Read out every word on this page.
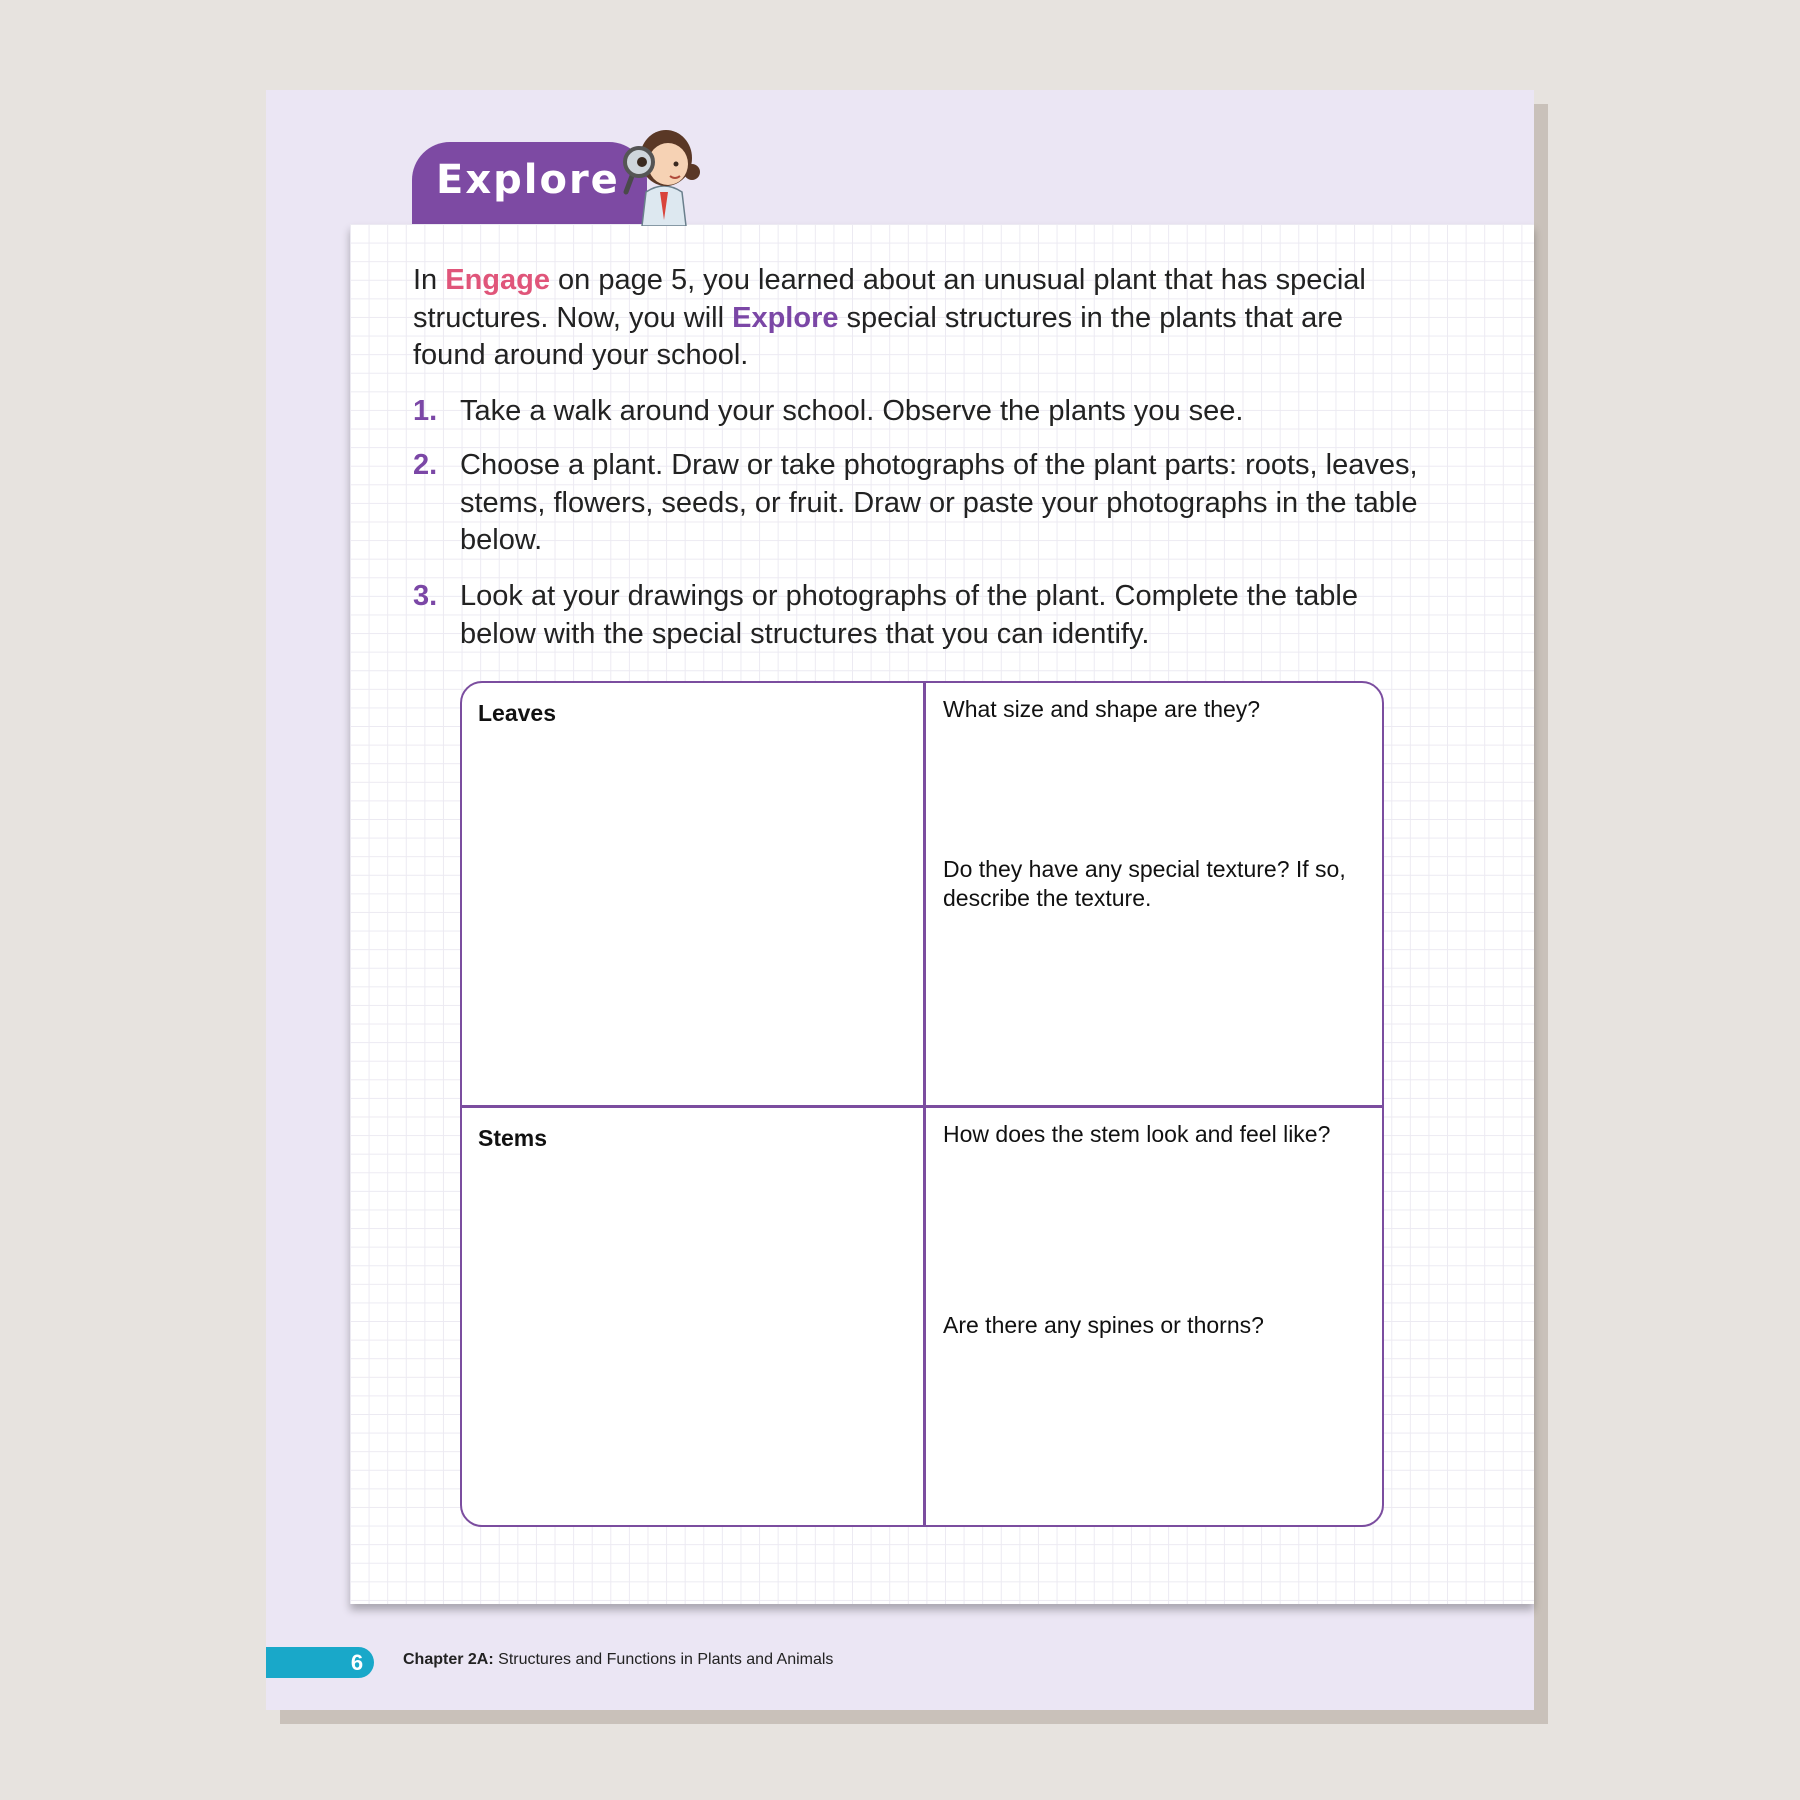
Explore
In Engage on page 5, you learned about an unusual plant that has special structures. Now, you will Explore special structures in the plants that are found around your school.
1. Take a walk around your school. Observe the plants you see.
2. Choose a plant. Draw or take photographs of the plant parts: roots, leaves, stems, flowers, seeds, or fruit. Draw or paste your photographs in the table below.
3. Look at your drawings or photographs of the plant. Complete the table below with the special structures that you can identify.
Leaves	What size and shape are they?
Do they have any special texture? If so, describe the texture.
Stems	How does the stem look and feel like?
Are there any spines or thorns?
6	Chapter 2A: Structures and Functions in Plants and Animals
